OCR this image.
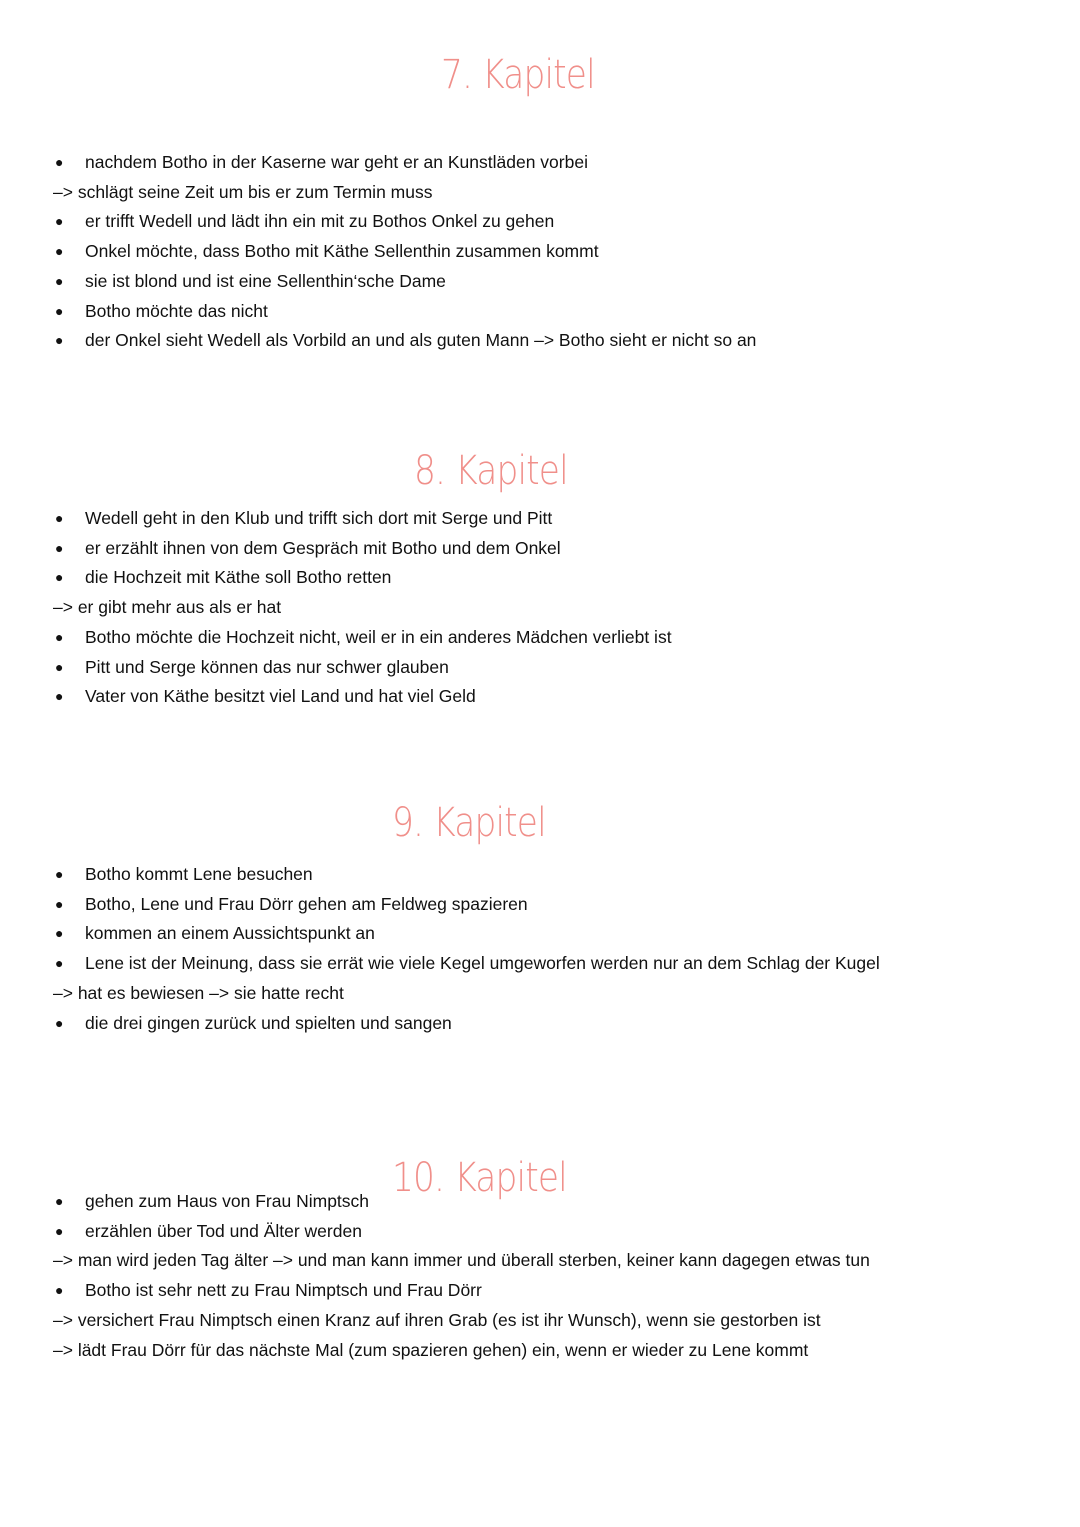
7. Kapitel
● nachdem Botho in der Kaserne war geht er an Kunstläden vorbei
–> schlägt seine Zeit um bis er zum Termin muss
● er trifft Wedell und lädt ihn ein mit zu Bothos Onkel zu gehen
● Onkel möchte, dass Botho mit Käthe Sellenthin zusammen kommt
● sie ist blond und ist eine Sellenthin‘sche Dame
● Botho möchte das nicht
● der Onkel sieht Wedell als Vorbild an und als guten Mann –> Botho sieht er nicht so an
8. Kapitel
● Wedell geht in den Klub und trifft sich dort mit Serge und Pitt
● er erzählt ihnen von dem Gespräch mit Botho und dem Onkel
● die Hochzeit mit Käthe soll Botho retten
–> er gibt mehr aus als er hat
● Botho möchte die Hochzeit nicht, weil er in ein anderes Mädchen verliebt ist
● Pitt und Serge können das nur schwer glauben
● Vater von Käthe besitzt viel Land und hat viel Geld
9. Kapitel
● Botho kommt Lene besuchen
● Botho, Lene und Frau Dörr gehen am Feldweg spazieren
● kommen an einem Aussichtspunkt an
● Lene ist der Meinung, dass sie errät wie viele Kegel umgeworfen werden nur an dem Schlag der Kugel
–> hat es bewiesen –> sie hatte recht
● die drei gingen zurück und spielten und sangen
10. Kapitel
● gehen zum Haus von Frau Nimptsch
● erzählen über Tod und Älter werden
–> man wird jeden Tag älter –> und man kann immer und überall sterben, keiner kann dagegen etwas tun
● Botho ist sehr nett zu Frau Nimptsch und Frau Dörr
–> versichert Frau Nimptsch einen Kranz auf ihren Grab (es ist ihr Wunsch), wenn sie gestorben ist
–> lädt Frau Dörr für das nächste Mal (zum spazieren gehen) ein, wenn er wieder zu Lene kommt
